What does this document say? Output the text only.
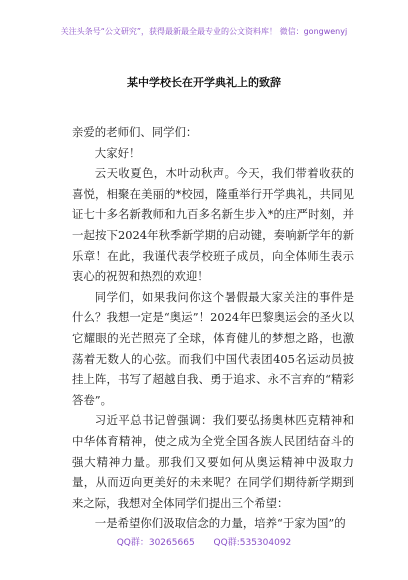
关注头条号“公文研究”，获得最新最全最专业的公文资料库！ 微信：gongwenyj
某中学校长在开学典礼上的致辞

亲爱的老师们、同学们：

大家好！

云天收夏色，木叶动秋声。今天，我们带着收获的喜悦，相聚在美丽的*校园，隆重举行开学典礼，共同见证七十多名新教师和九百多名新生步入*的庄严时刻，并一起按下2024年秋季新学期的启动键，奏响新学年的新乐章！在此，我谨代表学校班子成员，向全体师生表示衷心的祝贺和热烈的欢迎！

同学们，如果我问你这个暑假最大家关注的事件是什么？我想一定是“奥运”！2024年巴黎奥运会的圣火以它耀眼的光芒照亮了全球，体育健儿的梦想之路，也激荡着无数人的心弦。而我们中国代表团405名运动员披挂上阵，书写了超越自我、勇于追求、永不言弃的“精彩答卷”。

习近平总书记曾强调：我们要弘扬奥林匹克精神和中华体育精神，使之成为全党全国各族人民团结奋斗的强大精神力量。那我们又要如何从奥运精神中汲取力量，从而迈向更美好的未来呢？在同学们期待新学期到来之际，我想对全体同学们提出三个希望：

一是希望你们汲取信念的力量，培养“于家为国”的

QQ群：30265665 QQ群:535304092
